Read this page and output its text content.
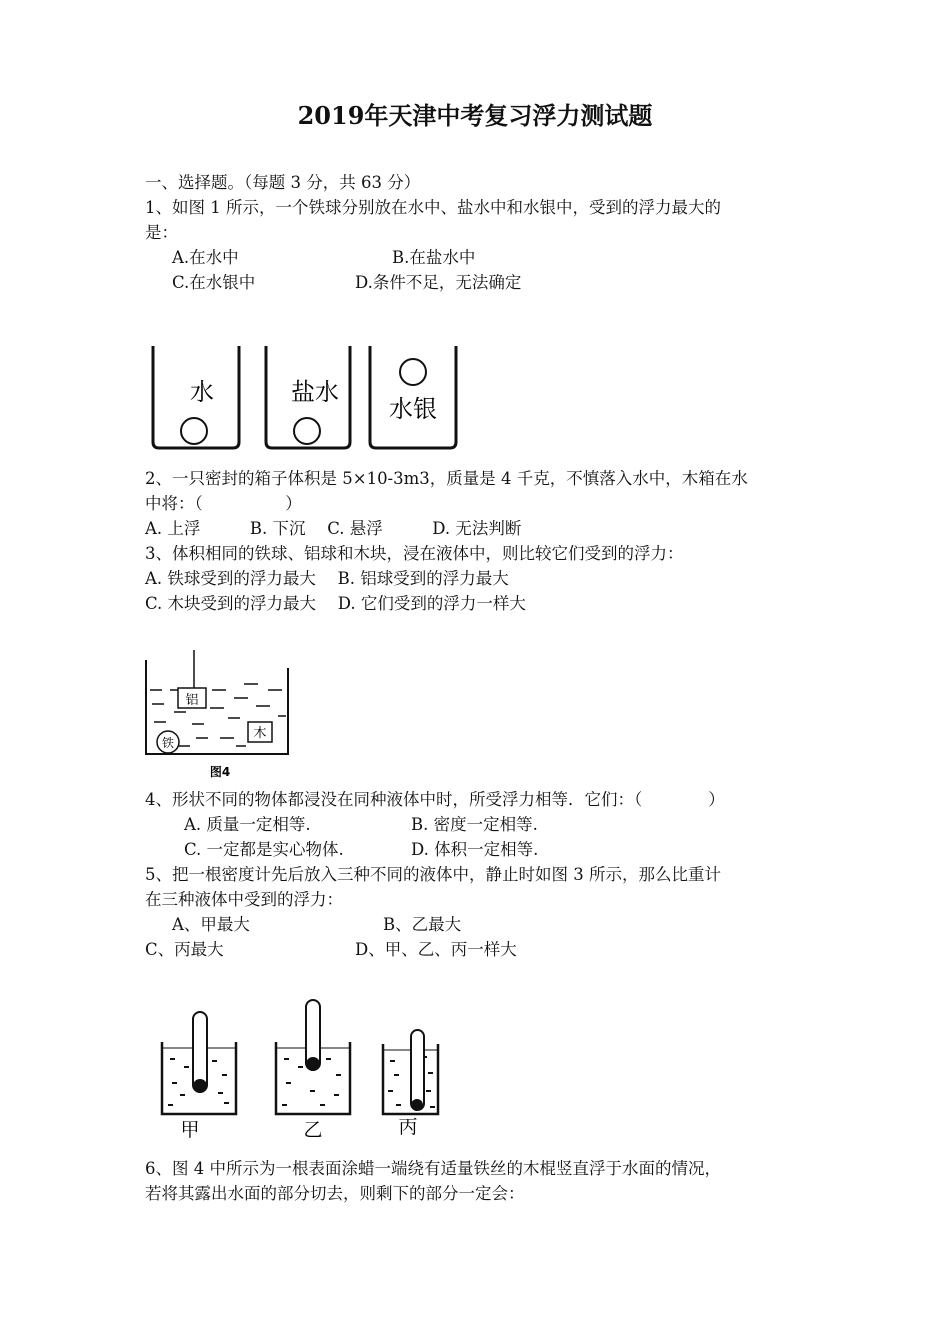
2019年天津中考复习浮力测试题
一、选择题。（每题 3 分，共 63 分）
1、如图 1 所示，一个铁球分别放在水中、盐水中和水银中，受到的浮力最大的
是：
A.在水中	B.在盐水中
C.在水银中	D.条件不足，无法确定
水	盐水
水银
2、一只密封的箱子体积是 5×10-3m3，质量是 4 千克，不慎落入水中，木箱在水
中将：（　　　　　）
A. 上浮　　　B. 下沉　 C. 悬浮　　　D. 无法判断
3、体积相同的铁球、铝球和木块，浸在液体中，则比较它们受到的浮力：
A. 铁球受到的浮力最大　 B. 铝球受到的浮力最大
C. 木块受到的浮力最大　 D. 它们受到的浮力一样大
铝
木
铁
图4
4、形状不同的物体都浸没在同种液体中时，所受浮力相等．它们：（　　　　）
A. 质量一定相等.	B. 密度一定相等.
C. 一定都是实心物体.	D. 体积一定相等.
5、把一根密度计先后放入三种不同的液体中，静止时如图 3 所示，那么比重计
在三种液体中受到的浮力：
A、甲最大	B、乙最大
C、丙最大	D、甲、乙、丙一样大
甲	乙	丙
6、图 4 中所示为一根表面涂蜡一端绕有适量铁丝的木棍竖直浮于水面的情况，
若将其露出水面的部分切去，则剩下的部分一定会：
